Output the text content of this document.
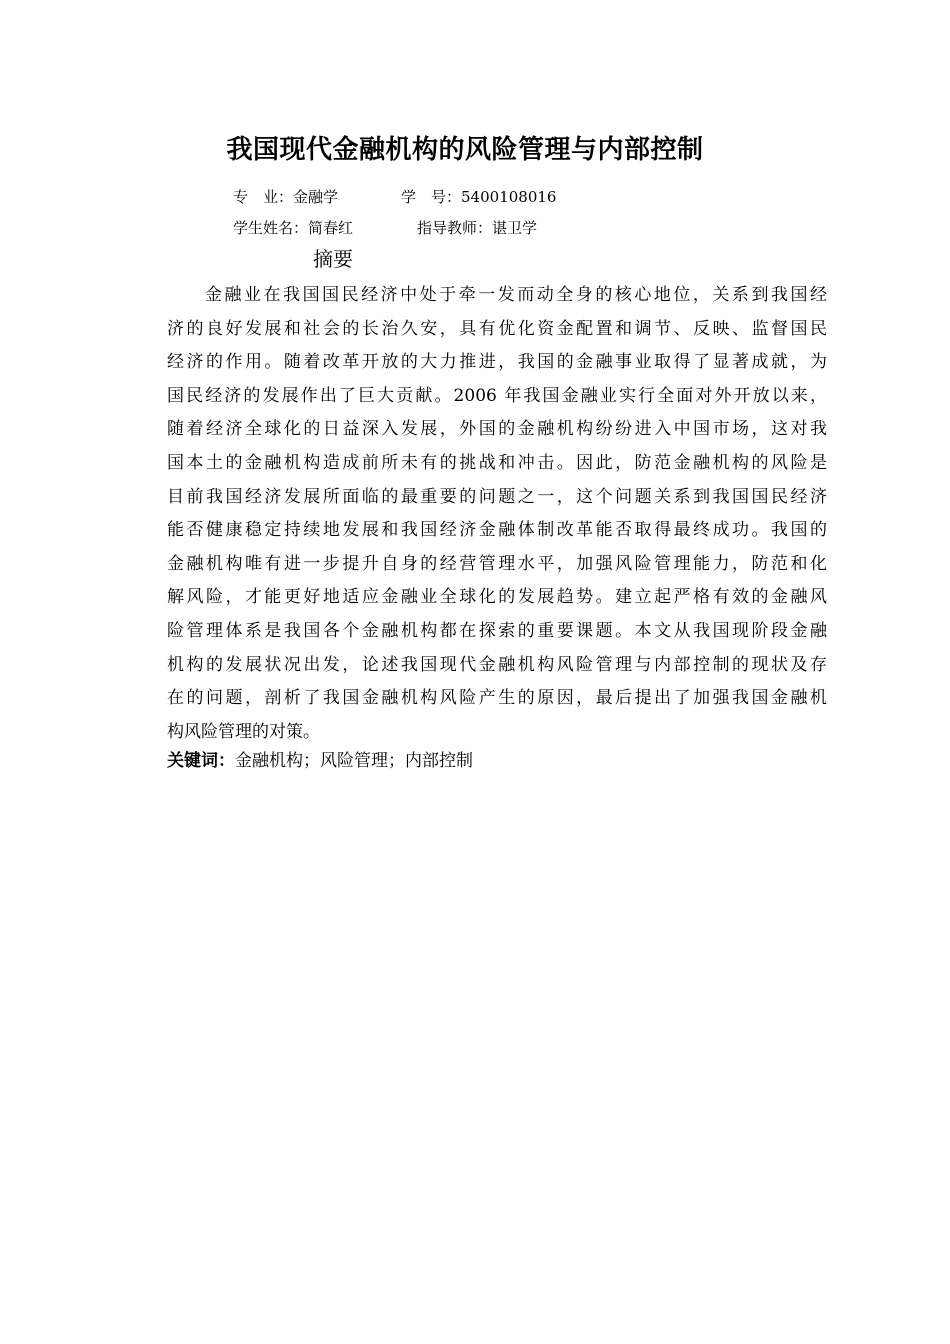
我国现代金融机构的风险管理与内部控制
专　业：金融学	学　号：5400108016
学生姓名：简春红	指导教师：谌卫学
摘要
金融业在我国国民经济中处于牵一发而动全身的核心地位，关系到我国经
济的良好发展和社会的长治久安，具有优化资金配置和调节、反映、监督国民
经济的作用。随着改革开放的大力推进，我国的金融事业取得了显著成就，为
国民经济的发展作出了巨大贡献。2006 年我国金融业实行全面对外开放以来，
随着经济全球化的日益深入发展，外国的金融机构纷纷进入中国市场，这对我
国本土的金融机构造成前所未有的挑战和冲击。因此，防范金融机构的风险是
目前我国经济发展所面临的最重要的问题之一，这个问题关系到我国国民经济
能否健康稳定持续地发展和我国经济金融体制改革能否取得最终成功。我国的
金融机构唯有进一步提升自身的经营管理水平，加强风险管理能力，防范和化
解风险，才能更好地适应金融业全球化的发展趋势。建立起严格有效的金融风
险管理体系是我国各个金融机构都在探索的重要课题。本文从我国现阶段金融
机构的发展状况出发，论述我国现代金融机构风险管理与内部控制的现状及存
在的问题，剖析了我国金融机构风险产生的原因，最后提出了加强我国金融机
构风险管理的对策。
关键词：金融机构；风险管理；内部控制
